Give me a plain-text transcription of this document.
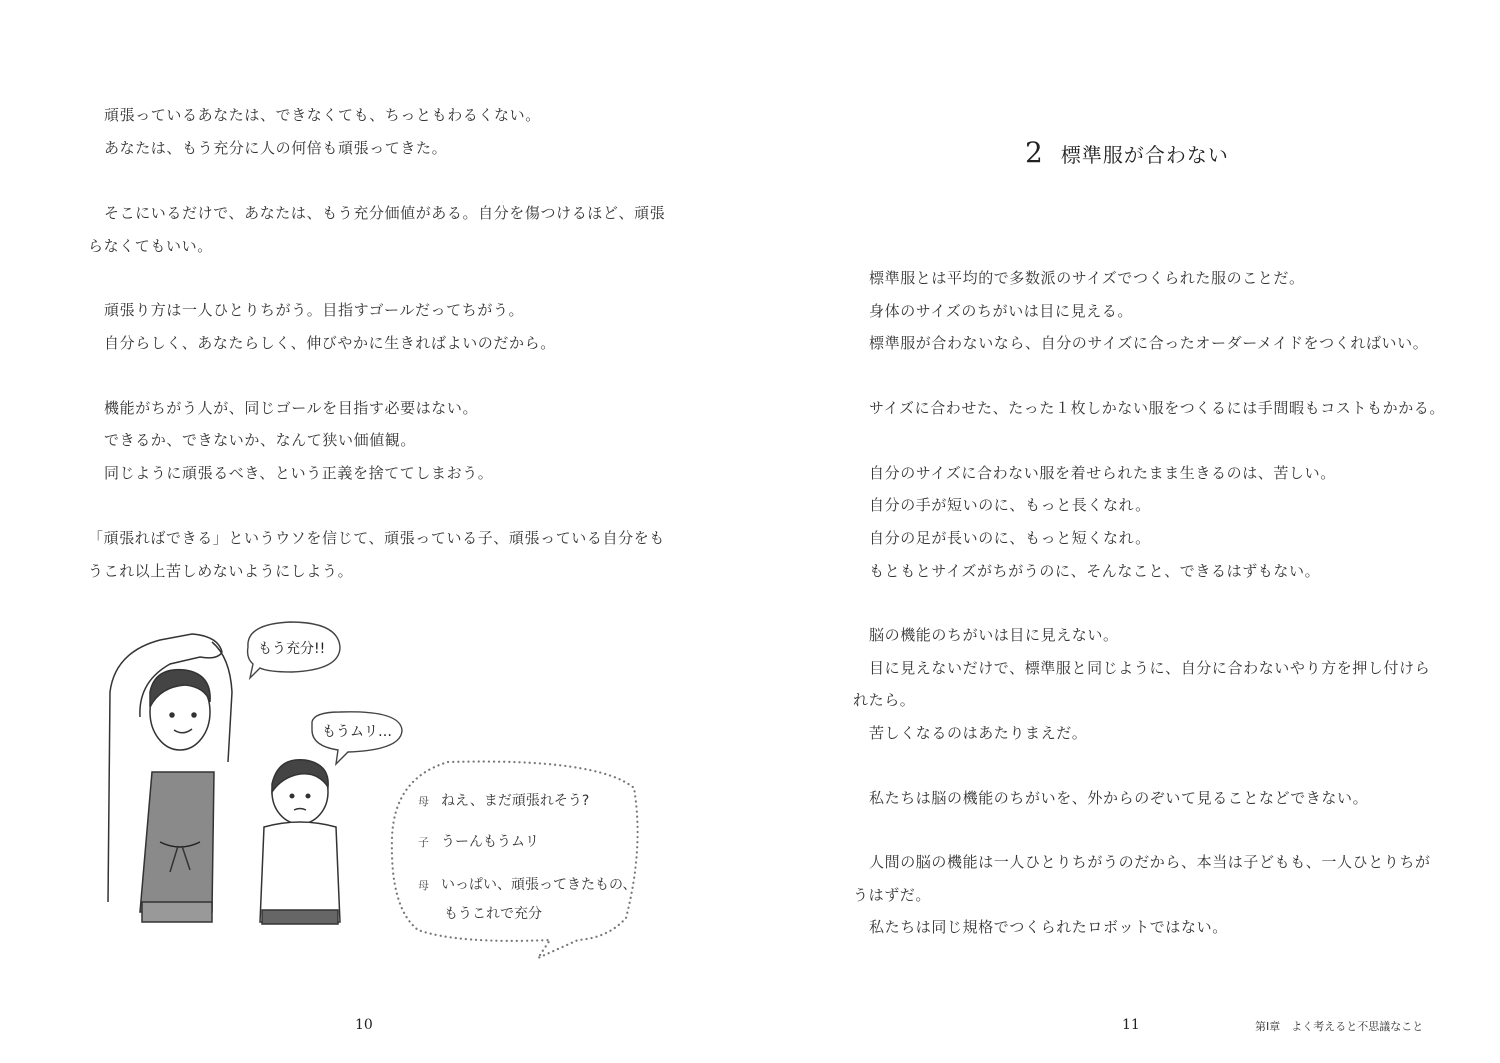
頑張っているあなたは、できなくても、ちっともわるくない。
あなたは、もう充分に人の何倍も頑張ってきた。
そこにいるだけで、あなたは、もう充分価値がある。自分を傷つけるほど、頑張
らなくてもいい。
頑張り方は一人ひとりちがう。目指すゴールだってちがう。
自分らしく、あなたらしく、伸びやかに生きればよいのだから。
機能がちがう人が、同じゴールを目指す必要はない。
できるか、できないか、なんて狭い価値観。
同じように頑張るべき、という正義を捨ててしまおう。
「頑張ればできる」というウソを信じて、頑張っている子、頑張っている自分をも
うこれ以上苦しめないようにしよう。
もう充分!!
もうムリ…
母 ねえ、まだ頑張れそう?
子 うーんもうムリ
母 いっぱい、頑張ってきたもの、
もうこれで充分
10
2 標準服が合わない
標準服とは平均的で多数派のサイズでつくられた服のことだ。
身体のサイズのちがいは目に見える。
標準服が合わないなら、自分のサイズに合ったオーダーメイドをつくればいい。
サイズに合わせた、たった１枚しかない服をつくるには手間暇もコストもかかる。
自分のサイズに合わない服を着せられたまま生きるのは、苦しい。
自分の手が短いのに、もっと長くなれ。
自分の足が長いのに、もっと短くなれ。
もともとサイズがちがうのに、そんなこと、できるはずもない。
脳の機能のちがいは目に見えない。
目に見えないだけで、標準服と同じように、自分に合わないやり方を押し付けら
れたら。
苦しくなるのはあたりまえだ。
私たちは脳の機能のちがいを、外からのぞいて見ることなどできない。
人間の脳の機能は一人ひとりちがうのだから、本当は子どもも、一人ひとりちが
うはずだ。
私たちは同じ規格でつくられたロボットではない。
11	第Ⅰ章　よく考えると不思議なこと
